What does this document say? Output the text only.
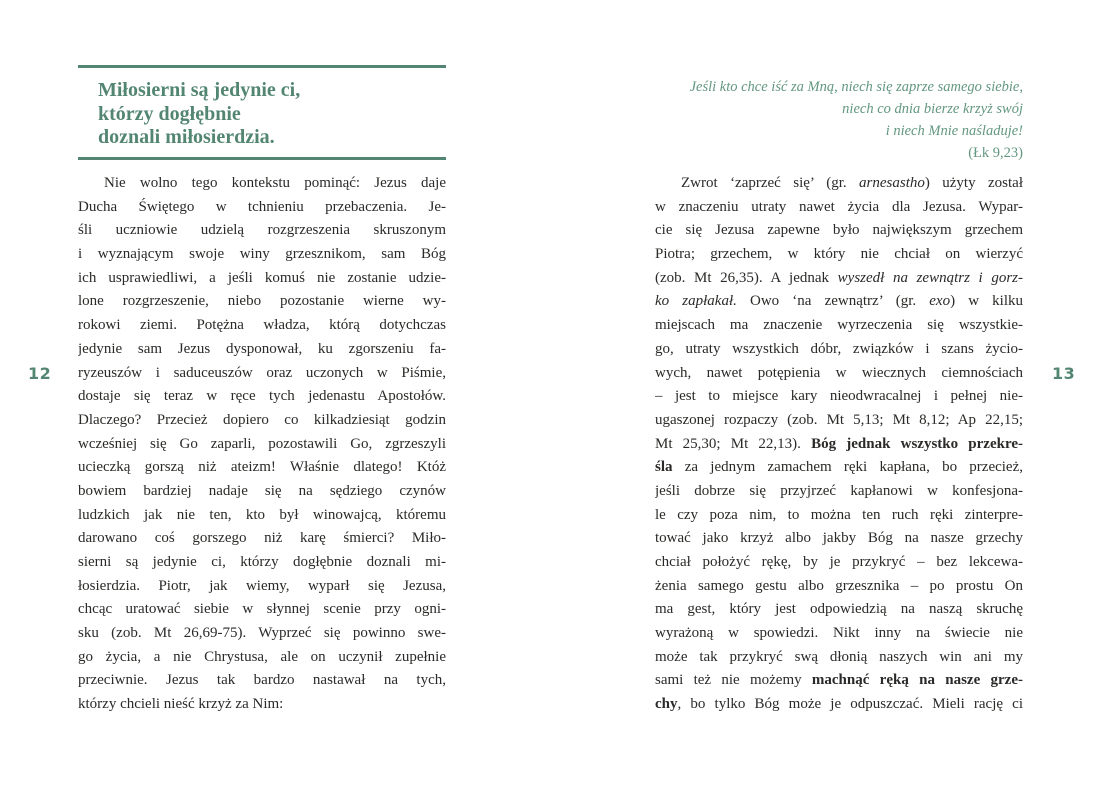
12
Miłosierni są jedynie ci,
którzy dogłębnie
doznali miłosierdzia.
Nie wolno tego kontekstu pominąć: Jezus daje
Ducha Świętego w tchnieniu przebaczenia. Je-
śli uczniowie udzielą rozgrzeszenia skruszonym
i wyznającym swoje winy grzesznikom, sam Bóg
ich usprawiedliwi, a jeśli komuś nie zostanie udzie-
lone rozgrzeszenie, niebo pozostanie wierne wy-
rokowi ziemi. Potężna władza, którą dotychczas
jedynie sam Jezus dysponował, ku zgorszeniu fa-
ryzeuszów i saduceuszów oraz uczonych w Piśmie,
dostaje się teraz w ręce tych jedenastu Apostołów.
Dlaczego? Przecież dopiero co kilkadziesiąt godzin
wcześniej się Go zaparli, pozostawili Go, zgrzeszyli
ucieczką gorszą niż ateizm! Właśnie dlatego! Któż
bowiem bardziej nadaje się na sędziego czynów
ludzkich jak nie ten, kto był winowajcą, któremu
darowano coś gorszego niż karę śmierci? Miło-
sierni są jedynie ci, którzy dogłębnie doznali mi-
łosierdzia. Piotr, jak wiemy, wyparł się Jezusa,
chcąc uratować siebie w słynnej scenie przy ogni-
sku (zob. Mt 26,69-75). Wyprzeć się powinno swe-
go życia, a nie Chrystusa, ale on uczynił zupełnie
przeciwnie. Jezus tak bardzo nastawał na tych,
którzy chcieli nieść krzyż za Nim:
Jeśli kto chce iść za Mną, niech się zaprze samego siebie,
niech co dnia bierze krzyż swój
i niech Mnie naśladuje!
(Łk 9,23)
Zwrot ‘zaprzeć się’ (gr. arnesastho) użyty został
w znaczeniu utraty nawet życia dla Jezusa. Wypar-
cie się Jezusa zapewne było największym grzechem
Piotra; grzechem, w który nie chciał on wierzyć
(zob. Mt 26,35). A jednak wyszedł na zewnątrz i gorz-
ko zapłakał. Owo ‘na zewnątrz’ (gr. exo) w kilku
miejscach ma znaczenie wyrzeczenia się wszystkie-
go, utraty wszystkich dóbr, związków i szans życio-
wych, nawet potępienia w wiecznych ciemnościach
– jest to miejsce kary nieodwracalnej i pełnej nie-
ugaszonej rozpaczy (zob. Mt 5,13; Mt 8,12; Ap 22,15;
Mt 25,30; Mt 22,13). Bóg jednak wszystko przekre-
śla za jednym zamachem ręki kapłana, bo przecież,
jeśli dobrze się przyjrzeć kapłanowi w konfesjona-
le czy poza nim, to można ten ruch ręki zinterpre-
tować jako krzyż albo jakby Bóg na nasze grzechy
chciał położyć rękę, by je przykryć – bez lekcewa-
żenia samego gestu albo grzesznika – po prostu On
ma gest, który jest odpowiedzią na naszą skruchę
wyrażoną w spowiedzi. Nikt inny na świecie nie
może tak przykryć swą dłonią naszych win ani my
sami też nie możemy machnąć ręką na nasze grze-
chy, bo tylko Bóg może je odpuszczać. Mieli rację ci
13
